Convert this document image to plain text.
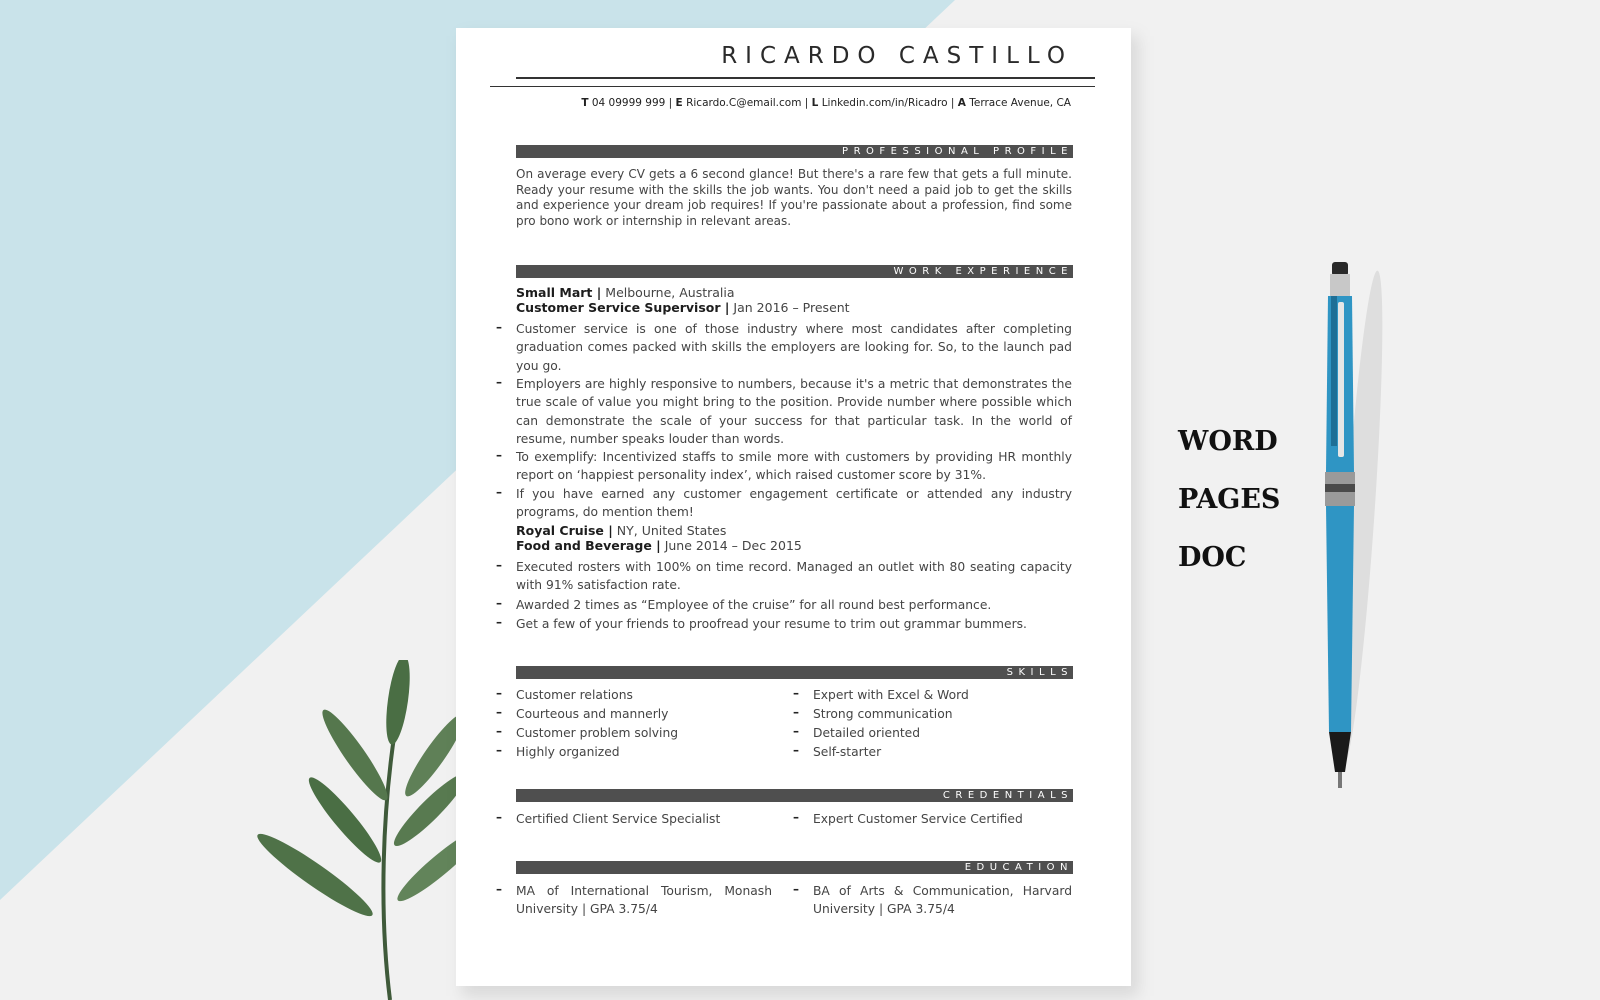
RICARDO CASTILLO
T 04 09999 999 | E Ricardo.C@email.com | L Linkedin.com/in/Ricadro | A Terrace Avenue, CA
PROFESSIONAL PROFILE
On average every CV gets a 6 second glance! But there's a rare few that gets a full minute. Ready your resume with the skills the job wants. You don't need a paid job to get the skills and experience your dream job requires! If you're passionate about a profession, find some pro bono work or internship in relevant areas.
WORK EXPERIENCE
Small Mart | Melbourne, Australia
Customer Service Supervisor | Jan 2016 – Present
–	Customer service is one of those industry where most candidates after completing graduation comes packed with skills the employers are looking for. So, to the launch pad you go.
–	Employers are highly responsive to numbers, because it's a metric that demonstrates the true scale of value you might bring to the position. Provide number where possible which can demonstrate the scale of your success for that particular task. In the world of resume, number speaks louder than words.
–	To exemplify: Incentivized staffs to smile more with customers by providing HR monthly report on ‘happiest personality index’, which raised customer score by 31%.
–	If you have earned any customer engagement certificate or attended any industry programs, do mention them!
Royal Cruise | NY, United States
Food and Beverage | June 2014 – Dec 2015
–	Executed rosters with 100% on time record. Managed an outlet with 80 seating capacity with 91% satisfaction rate.
–	Awarded 2 times as “Employee of the cruise” for all round best performance.
–	Get a few of your friends to proofread your resume to trim out grammar bummers.
SKILLS
–	Customer relations
–	Courteous and mannerly
–	Customer problem solving
–	Highly organized
–	Expert with Excel & Word
–	Strong communication
–	Detailed oriented
–	Self-starter
CREDENTIALS
–	Certified Client Service Specialist	–	Expert Customer Service Certified
EDUCATION
–	MA of International Tourism, Monash University | GPA 3.75/4
–	BA of Arts & Communication, Harvard University | GPA 3.75/4
WORD
PAGES
DOC
